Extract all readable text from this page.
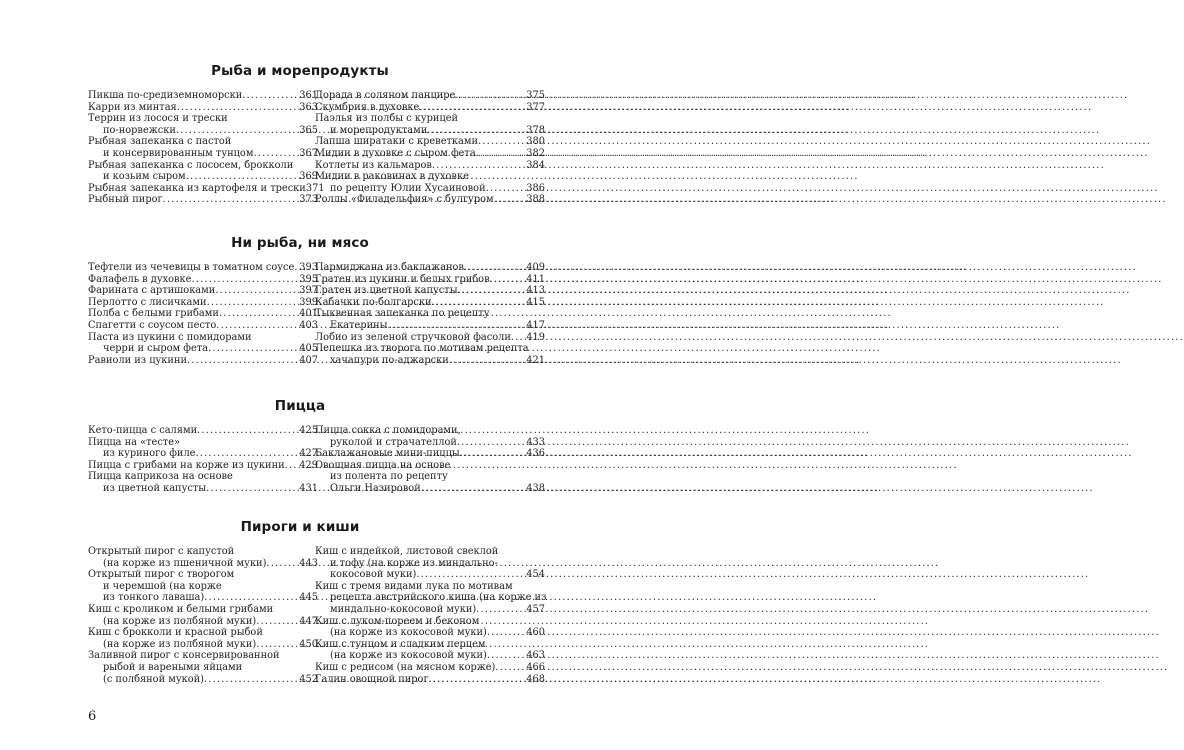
Рыба и морепродукты
Пикша по-средиземноморски .....	361
Карри из минтая .....	363
Террин из лосося и трески
по-норвежски .....	365
Рыбная запеканка с пастой
и консервированным тунцом .....	367
Рыбная запеканка с лососем, брокколи
и козьим сыром .....	369
Рыбная запеканка из картофеля и трески 371
Рыбный пирог .....	373
Дорада в соляном панцире .....	375
Скумбрия в духовке .....	377
Паэлья из полбы с курицей
и морепродуктами .....	378
Лапша ширатаки с креветками .....	380
Мидии в духовке с сыром фета .....	382
Котлеты из кальмаров .....	384
Мидии в раковинах в духовке
по рецепту Юлии Хусаиновой .....	386
Роллы «Филадельфия» с булгуром .....	388
Ни рыба, ни мясо
Тефтели из чечевицы в томатном соусе ..... 393
Фалафель в духовке .....	395
Фарината с артишоками .....	397
Перлотто с лисичками .....	399
Полба с белыми грибами .....	401
Спагетти с соусом песто .....	403
Паста из цукини с помидорами
черри и сыром фета .....	405
Равиоли из цукини .....	407
Пармиджана из баклажанов .....	409
Гратен из цукини и белых грибов .....	411
Гратен из цветной капусты .....	413
Кабачки по-болгарски .....	415
Тыквенная запеканка по рецепту
Екатерины .....	417
Лобио из зеленой стручковой фасоли ..... 419
Лепешка из творога по мотивам рецепта
хачапури по-аджарски .....	421
Пицца
Кето-пицца с салями .....	425
Пицца на «тесте»
из куриного филе .....	427
Пицца с грибами на корже из цукини ..... 429
Пицца каприкоза на основе
из цветной капусты .....	431
Пицца сокка с помидорами,
руколой и страчателлой .....	433
Баклажановые мини-пиццы .....	436
Овощная пицца на основе
из полента по рецепту
Ольги Назировой .....	438
Пироги и киши
Открытый пирог с капустой
(на корже из пшеничной муки) .....	443
Открытый пирог с творогом
и черемшой (на корже
из тонкого лаваша) .....	445
Киш с кроликом и белыми грибами
(на корже из полбяной муки) .....	447
Киш с брокколи и красной рыбой
(на корже из полбяной муки) .....	450
Заливной пирог с консервированной
рыбой и вареными яйцами
(с полбяной мукой) .....	452
Киш с индейкой, листовой свеклой
и тофу (на корже из миндально-
кокосовой муки) .....	454
Киш с тремя видами лука по мотивам
рецепта австрийского киша (на корже из
миндально-кокосовой муки) .....	457
Киш с луком-пореем и беконом
(на корже из кокосовой муки) .....	460
Киш с тунцом и сладким перцем
(на корже из кокосовой муки) .....	463
Киш с редисом (на мясном корже) .....	466
Галин овощной пирог .....	468
6
